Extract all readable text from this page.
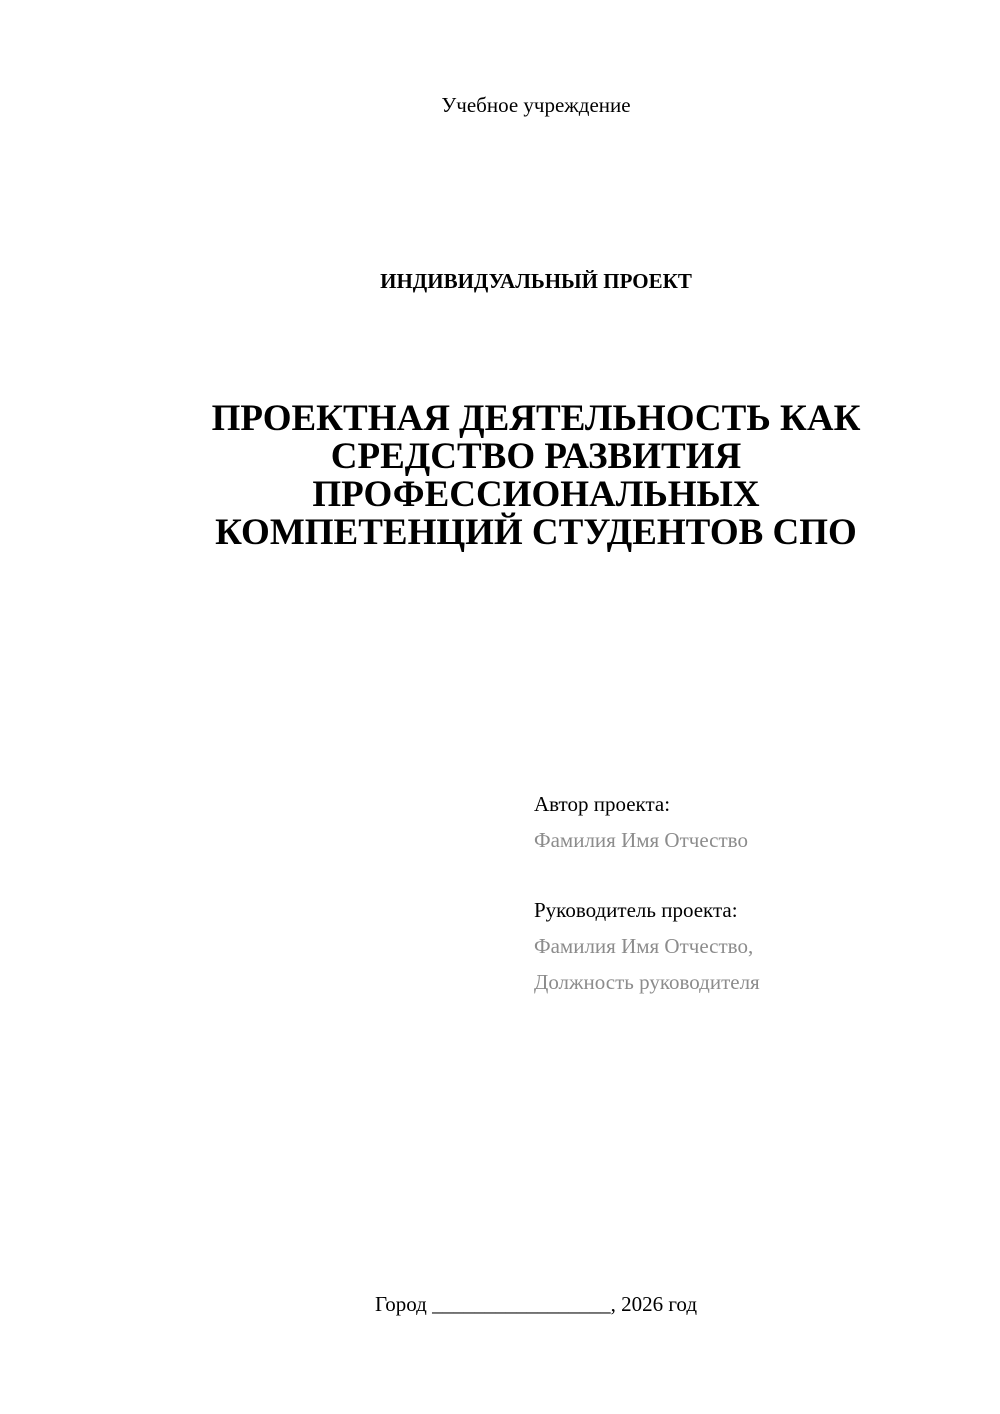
Учебное учреждение
ИНДИВИДУАЛЬНЫЙ ПРОЕКТ
ПРОЕКТНАЯ ДЕЯТЕЛЬНОСТЬ КАК
СРЕДСТВО РАЗВИТИЯ
ПРОФЕССИОНАЛЬНЫХ
КОМПЕТЕНЦИЙ СТУДЕНТОВ СПО
Автор проекта:
Фамилия Имя Отчество
Руководитель проекта:
Фамилия Имя Отчество,
Должность руководителя
Город _________________, 2026 год
